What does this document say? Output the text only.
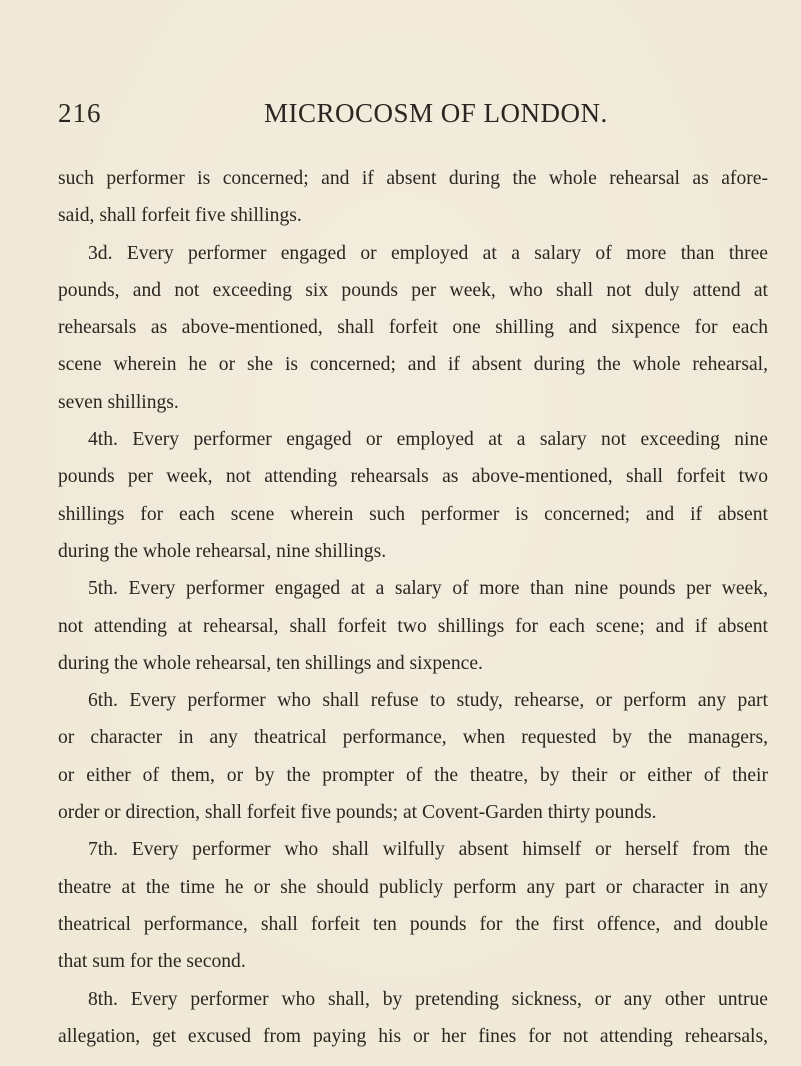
216	MICROCOSM OF LONDON.
such performer is concerned; and if absent during the whole rehearsal as afore-
said, shall forfeit five shillings.
3d. Every performer engaged or employed at a salary of more than three
pounds, and not exceeding six pounds per week, who shall not duly attend at
rehearsals as above-mentioned, shall forfeit one shilling and sixpence for each
scene wherein he or she is concerned; and if absent during the whole rehearsal,
seven shillings.
4th. Every performer engaged or employed at a salary not exceeding nine
pounds per week, not attending rehearsals as above-mentioned, shall forfeit two
shillings for each scene wherein such performer is concerned; and if absent
during the whole rehearsal, nine shillings.
5th. Every performer engaged at a salary of more than nine pounds per week,
not attending at rehearsal, shall forfeit two shillings for each scene; and if absent
during the whole rehearsal, ten shillings and sixpence.
6th. Every performer who shall refuse to study, rehearse, or perform any part
or character in any theatrical performance, when requested by the managers,
or either of them, or by the prompter of the theatre, by their or either of their
order or direction, shall forfeit five pounds; at Covent-Garden thirty pounds.
7th. Every performer who shall wilfully absent himself or herself from the
theatre at the time he or she should publicly perform any part or character in any
theatrical performance, shall forfeit ten pounds for the first offence, and double
that sum for the second.
8th. Every performer who shall, by pretending sickness, or any other untrue
allegation, get excused from paying his or her fines for not attending rehearsals,
